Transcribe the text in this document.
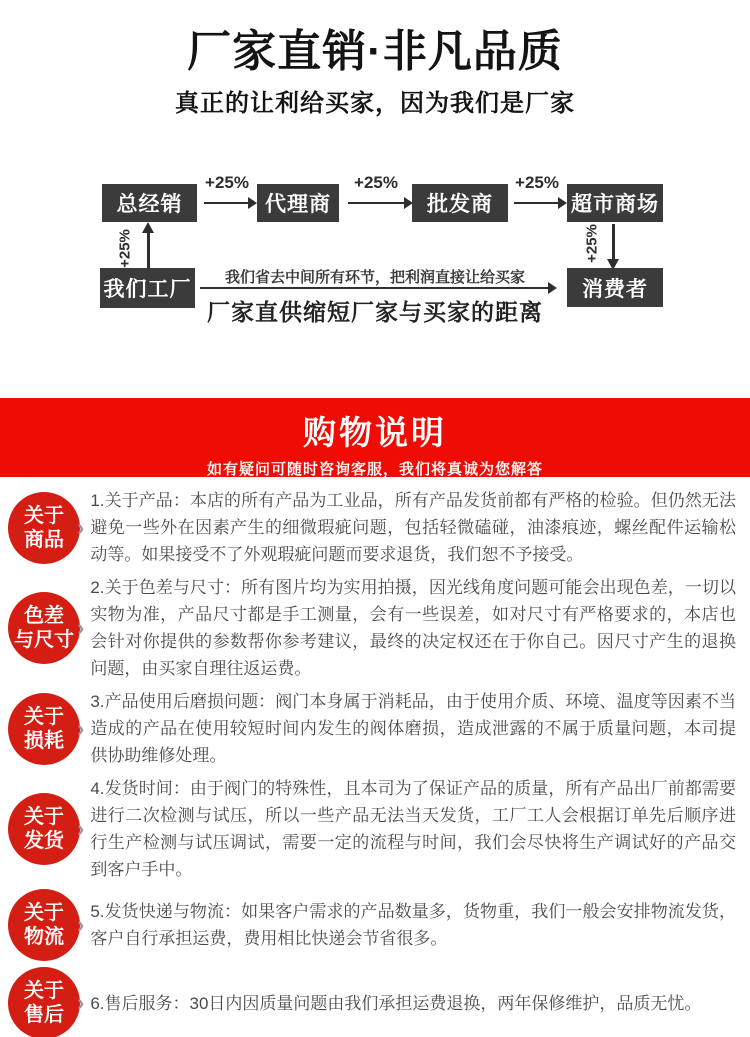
厂家直销·非凡品质

真正的让利给买家，因为我们是厂家

总经销	代理商	批发商	超市商场
+25%	+25%	+25%
+25%	+25%
我们工厂	消费者
我们省去中间所有环节，把利润直接让给买家
厂家直供缩短厂家与买家的距离
购物说明

如有疑问可随时咨询客服，我们将真诚为您解答

关于
商品 ›
1.关于产品：本店的所有产品为工业品，所有产品发货前都有严格的检验。但仍然无法避免一些外在因素产生的细微瑕疵问题，包括轻微磕碰，油漆痕迹，螺丝配件运输松动等。如果接受不了外观瑕疵问题而要求退货，我们恕不予接受。
色差
与尺寸 ›
2.关于色差与尺寸：所有图片均为实用拍摄，因光线角度问题可能会出现色差，一切以实物为准，产品尺寸都是手工测量，会有一些误差，如对尺寸有严格要求的，本店也会针对你提供的参数帮你参考建议，最终的决定权还在于你自己。因尺寸产生的退换问题，由买家自理往返运费。
关于
损耗 ›
3.产品使用后磨损问题：阀门本身属于消耗品，由于使用介质、环境、温度等因素不当造成的产品在使用较短时间内发生的阀体磨损，造成泄露的不属于质量问题，本司提供协助维修处理。
关于
发货 ›
4.发货时间：由于阀门的特殊性，且本司为了保证产品的质量，所有产品出厂前都需要进行二次检测与试压，所以一些产品无法当天发货，工厂工人会根据订单先后顺序进行生产检测与试压调试，需要一定的流程与时间，我们会尽快将生产调试好的产品交到客户手中。
关于
物流 ›
5.发货快递与物流：如果客户需求的产品数量多，货物重，我们一般会安排物流发货，客户自行承担运费，费用相比快递会节省很多。
关于
售后 › 6.售后服务：30日内因质量问题由我们承担运费退换，两年保修维护，品质无忧。
